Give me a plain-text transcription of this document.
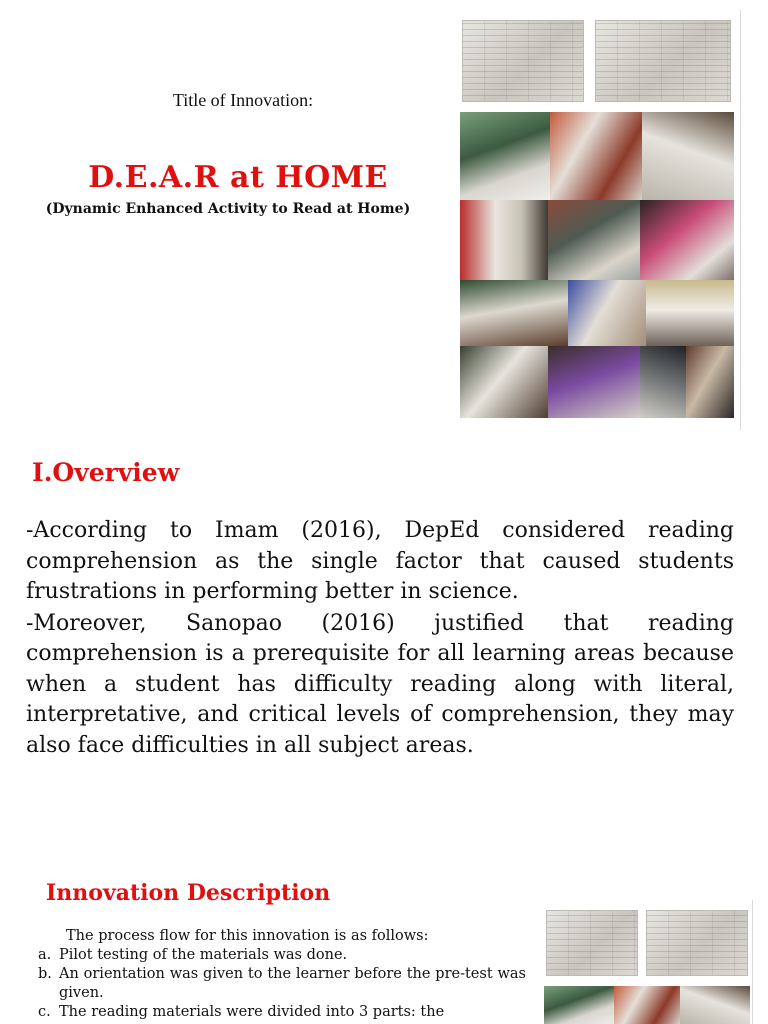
Title of Innovation:
D.E.A.R at HOME
(Dynamic Enhanced Activity to Read at Home)
I.Overview

-According to Imam (2016), DepEd considered reading comprehension as the single factor that caused students frustrations in performing better in science.

-Moreover, Sanopao (2016) justified that reading comprehension is a prerequisite for all learning areas because when a student has difficulty reading along with literal, interpretative, and critical levels of comprehension, they may also face difficulties in all subject areas.

Innovation Description
The process flow for this innovation is as follows:
a. Pilot testing of the materials was done.
b. An orientation was given to the learner before the pre-test was given.
c. The reading materials were divided into 3 parts: the
